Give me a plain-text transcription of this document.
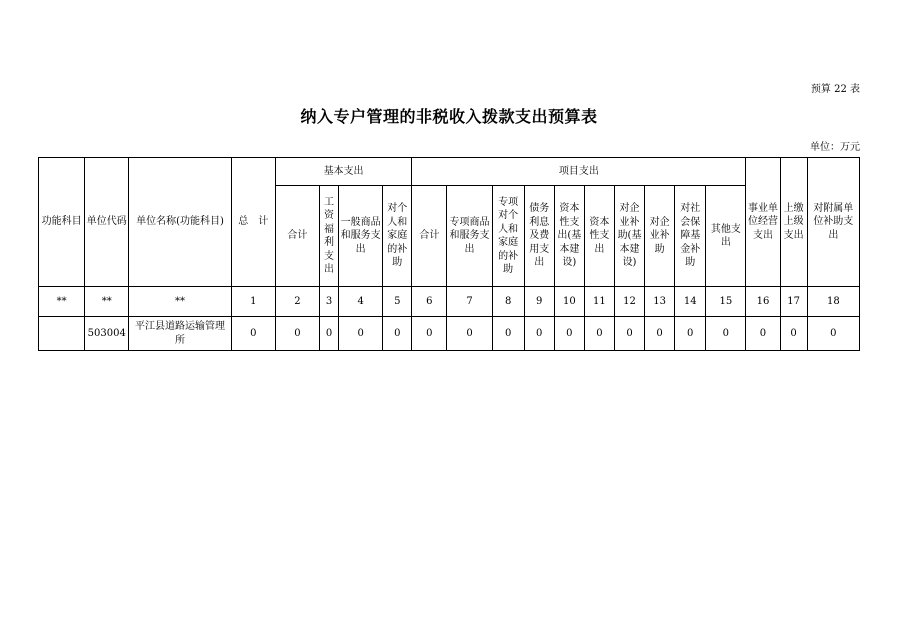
预算 22 表
纳入专户管理的非税收入拨款支出预算表
单位：万元
功能科目	单位代码	单位名称(功能科目)	总　计	基本支出				项目支出										事业单位经营支出	上缴上级支出	对附属单位补助支出
				合计	工资福利支出	一般商品和服务支出	对个人和家庭的补助	合计	专项商品和服务支出	专项对个人和家庭的补助	债务利息及费用支出	资本性支出(基本建设)	资本性支出	对企业补助(基本建设)	对企业补助	对社会保障基金补助	其他支出			
**	**	**	1	2	3	4	5	6	7	8	9	10	11	12	13	14	15	16	17	18
	503004	平江县道路运输管理所	0	0	0	0	0	0	0	0	0	0	0	0	0	0	0	0	0	0
